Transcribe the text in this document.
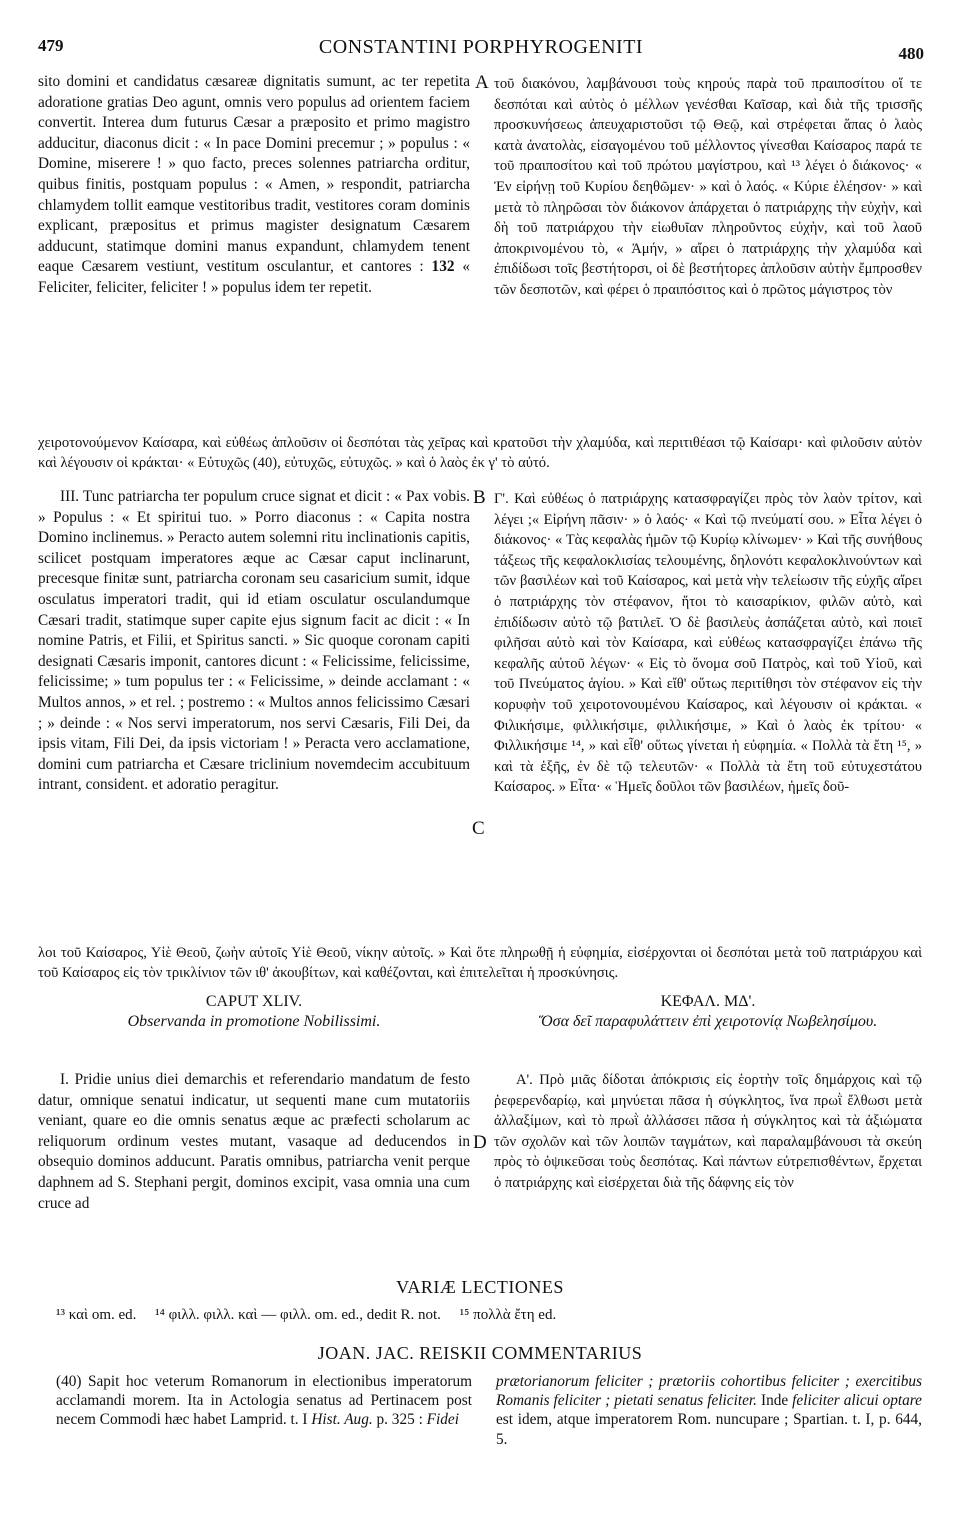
479	CONSTANTINI PORPHYROGENITI	480

sito domini et candidatus cæsareæ dignitatis sumunt, ac ter repetita adoratione gratias Deo agunt, omnis vero populus ad orientem faciem convertit. Interea dum futurus Cæsar a præposito et primo magistro adducitur, diaconus dicit : « In pace Domini precemur ; » populus : « Domine, miserere ! » quo facto, preces solennes patriarcha orditur, quibus finitis, postquam populus : « Amen, » respondit, patriarcha chlamydem tollit eamque vestitoribus tradit, vestitores coram dominis explicant, præpositus et primus magister designatum Cæsarem adducunt, statimque domini manus expandunt, chlamydem tenent eaque Cæsarem vestiunt, vestitum osculantur, et cantores : 132 « Feliciter, feliciter, feliciter ! » populus idem ter repetit.

A τοῦ διακόνου, λαμβάνουσι τοὺς κηρούς παρὰ τοῦ πραιποσίτου οἵ τε δεσπόται καὶ αὐτὸς ὁ μέλλων γενέσθαι Καῖσαρ, καὶ διὰ τῆς τρισσῆς προσκυνήσεως ἀπευχαριστοῦσι τῷ Θεῷ, καὶ στρέφεται ἅπας ὁ λαὸς κατὰ ἀνατολὰς, εἰσαγομένου τοῦ μέλλοντος γίνεσθαι Καίσαρος παρά τε τοῦ πραιποσίτου καὶ τοῦ πρώτου μαγίστρου, καὶ ¹³ λέγει ὁ διάκονος· « Ἐν εἰρήνῃ τοῦ Κυρίου δεηθῶμεν· » καὶ ὁ λαός. « Κύριε ἐλέησον· » καὶ μετὰ τὸ πληρῶσαι τὸν διάκονον ἀπάρχεται ὁ πατριάρχης τὴν εὐχὴν, καὶ δὴ τοῦ πατριάρχου τὴν εἰωθυῖαν πληροῦντος εὐχὴν, καὶ τοῦ λαοῦ ἀποκρινομένου τὸ, « Ἀμήν, » αἴρει ὁ πατριάρχης τὴν χλαμύδα καὶ ἐπιδίδωσι τοῖς βεστήτορσι, οἱ δὲ βεστήτορες ἁπλοῦσιν αὐτὴν ἔμπροσθεν τῶν δεσποτῶν, καὶ φέρει ὁ πραιπόσιτος καὶ ὁ πρῶτος μάγιστρος τὸν

χειροτονούμενον Καίσαρα, καὶ εὐθέως ἁπλοῦσιν οἱ δεσπόται τὰς χεῖρας καὶ κρατοῦσι τὴν χλαμύδα, καὶ περιτιθέασι τῷ Καίσαρι· καὶ φιλοῦσιν αὐτὸν καὶ λέγουσιν οἱ κράκται· « Εὐτυχῶς (40), εὐτυχῶς, εὐτυχῶς. » καὶ ὁ λαὸς ἐκ γ' τὸ αὐτό.

III. Tunc patriarcha ter populum cruce signat et dicit : « Pax vobis. » Populus : « Et spiritui tuo. » Porro diaconus : « Capita nostra Domino inclinemus. » Peracto autem solemni ritu inclinationis capitis, scilicet postquam imperatores æque ac Cæsar caput inclinarunt, precesque finitæ sunt, patriarcha coronam seu casaricium sumit, idque osculatus imperatori tradit, qui id etiam osculatur osculandumque Cæsari tradit, statimque super capite ejus signum facit ac dicit : « In nomine Patris, et Filii, et Spiritus sancti. » Sic quoque coronam capiti designati Cæsaris imponit, cantores dicunt : « Felicissime, felicissime, felicissime; » tum populus ter : « Felicissime, » deinde acclamant : « Multos annos, » et rel. ; postremo : « Multos annos felicissimo Cæsari ; » deinde : « Nos servi imperatorum, nos servi Cæsaris, Fili Dei, da ipsis vitam, Fili Dei, da ipsis victoriam ! » Peracta vero acclamatione, domini cum patriarcha et Cæsare triclinium novemdecim accubituum intrant, consident. et adoratio peragitur.

B
C

Γ'. Καὶ εὐθέως ὁ πατριάρχης κατασφραγίζει πρὸς τὸν λαὸν τρίτον, καὶ λέγει ;« Εἰρήνη πᾶσιν· » ὁ λαός· « Καὶ τῷ πνεύματί σου. » Εἶτα λέγει ὁ διάκονος· « Τὰς κεφαλὰς ἡμῶν τῷ Κυρίῳ κλίνωμεν· » Καὶ τῆς συνήθους τάξεως τῆς κεφαλοκλισίας τελουμένης, δηλονότι κεφαλοκλινούντων καὶ τῶν βασιλέων καὶ τοῦ Καίσαρος, καὶ μετὰ νὴν τελείωσιν τῆς εὐχῆς αἴρει ὁ πατριάρχης τὸν στέφανον, ἤτοι τὸ καισαρίκιον, φιλῶν αὐτὸ, καὶ ἐπιδίδωσιν αὐτὸ τῷ βατιλεῖ. Ὁ δὲ βασιλεὺς ἀσπάζεται αὐτὸ, καὶ ποιεῖ φιλῆσαι αὐτὸ καὶ τὸν Καίσαρα, καὶ εὐθέως κατασφραγίζει ἐπάνω τῆς κεφαλῆς αὐτοῦ λέγων· « Εἰς τὸ ὄνομα σοῦ Πατρὸς, καὶ τοῦ Υἱοῦ, καὶ τοῦ Πνεύματος ἁγίου. » Καὶ εἴθ' οὕτως περιτίθησι τὸν στέφανον εἰς τὴν κορυφὴν τοῦ χειροτονουμένου Καίσαρος, καὶ λέγουσιν οἱ κράκται. « Φιλικήσιμε, φιλλικήσιμε, φιλλικήσιμε, » Καὶ ὁ λαὸς ἐκ τρίτου· « Φιλλικήσιμε ¹⁴, » καὶ εἶθ' οὕτως γίνεται ἡ εὐφημία. « Πολλὰ τὰ ἔτη ¹⁵, » καὶ τὰ ἑξῆς, ἐν δὲ τῷ τελευτῶν· « Πολλὰ τὰ ἔτη τοῦ εὐτυχεστάτου Καίσαρος. » Εἶτα· « Ἡμεῖς δοῦλοι τῶν βασιλέων, ἡμεῖς δοῦ-

λοι τοῦ Καίσαρος, Υἱὲ Θεοῦ, ζωὴν αὐτοῖς Υἱὲ Θεοῦ, νίκην αὐτοῖς. » Καὶ ὅτε πληρωθῇ ἡ εὐφημία, εἰσέρχονται οἱ δεσπόται μετὰ τοῦ πατριάρχου καὶ τοῦ Καίσαρος εἰς τὸν τρικλίνιον τῶν ιθ' ἀκουβίτων, καὶ καθέζονται, καὶ ἐπιτελεῖται ἡ προσκύνησις.

CAPUT XLIV.
Observanda in promotione Nobilissimi.
ΚΕΦΑΛ. ΜΔ'.
Ὅσα δεῖ παραφυλάττειν ἐπὶ χειροτονίᾳ Νωβελησίμου.

I. Pridie unius diei demarchis et referendario mandatum de festo datur, omnique senatui indicatur, ut sequenti mane cum mutatoriis veniant, quare eo die omnis senatus æque ac præfecti scholarum ac reliquorum ordinum vestes mutant, vasaque ad deducendos in obsequio dominos adducunt. Paratis omnibus, patriarcha venit perque daphnem ad S. Stephani pergit, dominos excipit, vasa omnia una cum cruce ad

D

Α'. Πρὸ μιᾶς δίδοται ἀπόκρισις εἰς ἑορτὴν τοῖς δημάρχοις καὶ τῷ ῥεφερενδαρίῳ, καὶ μηνύεται πᾶσα ἡ σύγκλητος, ἵνα πρωῒ ἔλθωσι μετὰ ἀλλαξίμων, καὶ τὸ πρωῒ ἀλλάσσει πᾶσα ἡ σύγκλητος καὶ τὰ ἀξιώματα τῶν σχολῶν καὶ τῶν λοιπῶν ταγμάτων, καὶ παραλαμβάνουσι τὰ σκεύη πρὸς τὸ ὀψικεῦσαι τοὺς δεσπότας. Καὶ πάντων εὐτρεπισθέντων, ἔρχεται ὁ πατριάρχης καὶ εἰσέρχεται διὰ τῆς δάφνης εἰς τὸν

VARIÆ LECTIONES
¹³ καὶ om. ed. ¹⁴ φιλλ. φιλλ. καὶ — φιλλ. om. ed., dedit R. not. ¹⁵ πολλὰ ἔτη ed.
JOAN. JAC. REISKII COMMENTARIUS
(40) Sapit hoc veterum Romanorum in electionibus imperatorum acclamandi morem. Ita in Actologia senatus ad Pertinacem post necem Commodi hæc habet Lamprid. t. I Hist. Aug. p. 325 : Fidei
prætorianorum feliciter ; prætoriis cohortibus feliciter ; exercitibus Romanis feliciter ; pietati senatus feliciter. Inde feliciter alicui optare est idem, atque imperatorem Rom. nuncupare ; Spartian. t. I, p. 644, 5.
